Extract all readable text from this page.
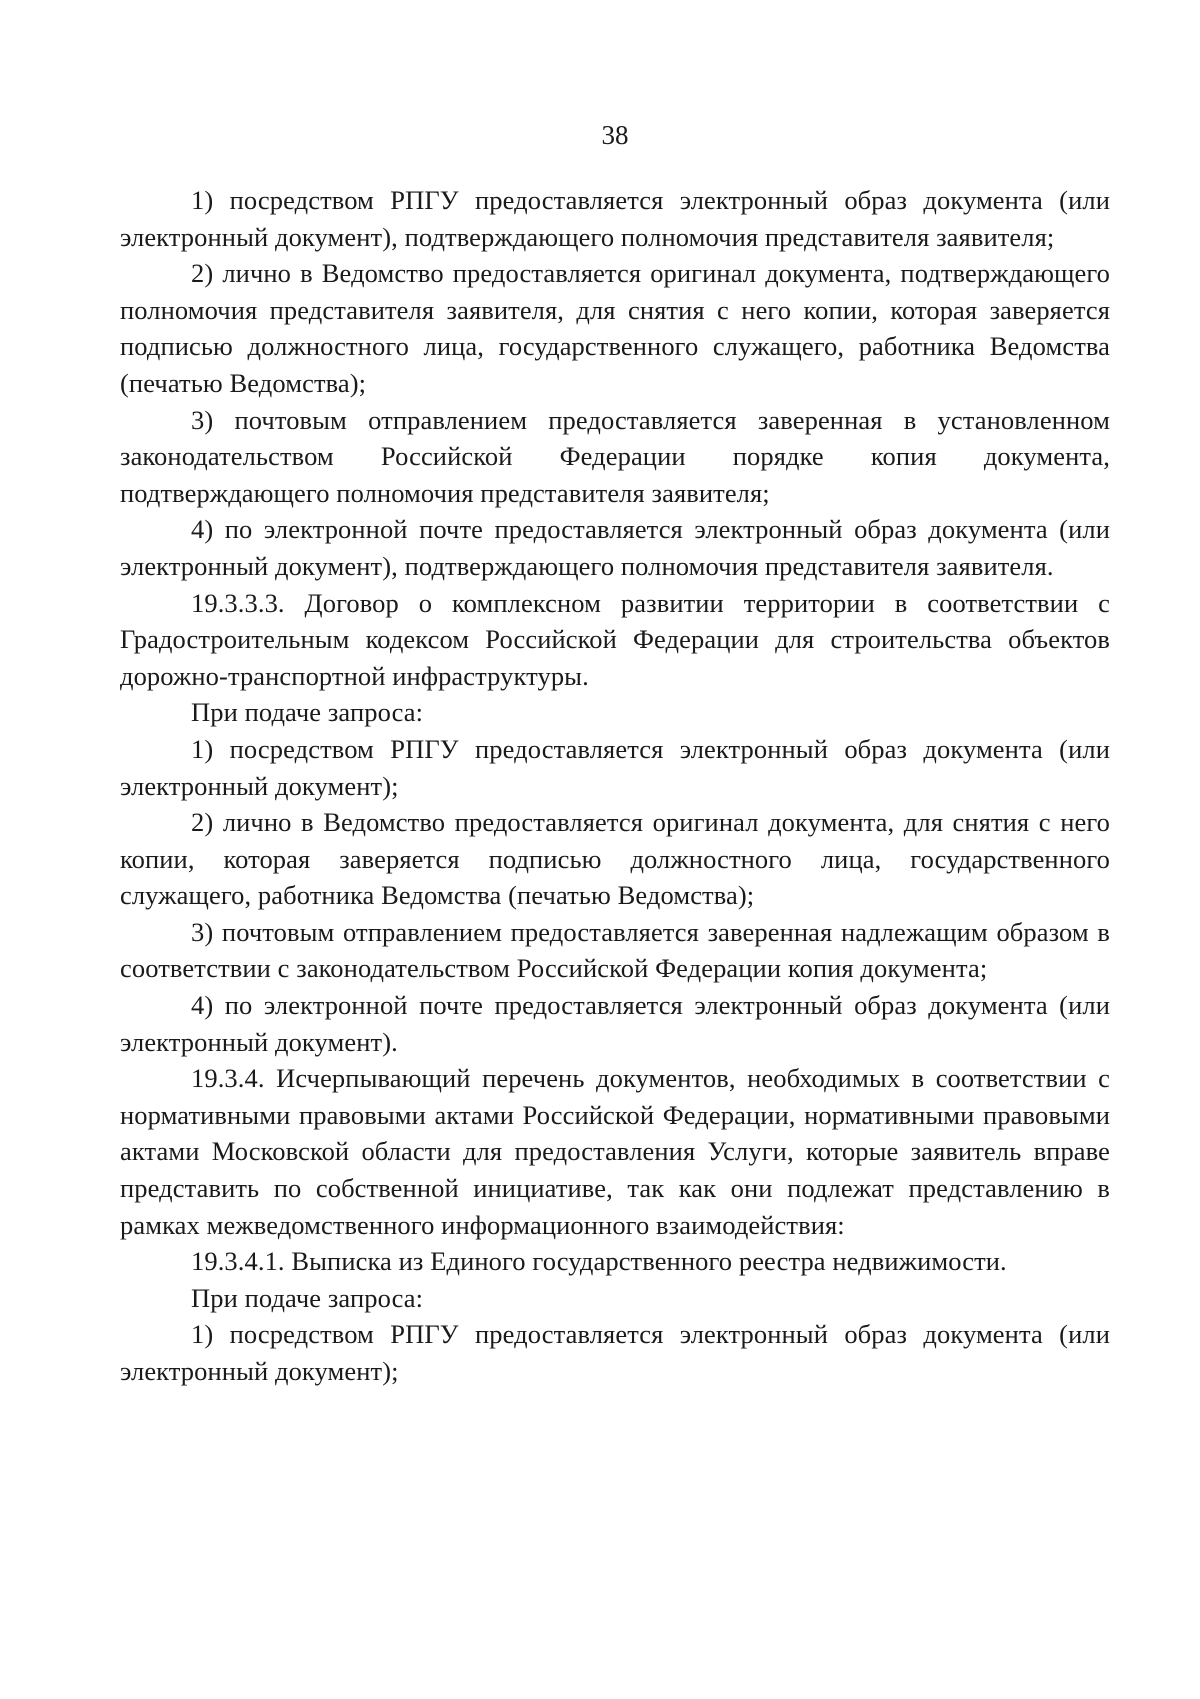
38

1) посредством РПГУ предоставляется электронный образ документа (или электронный документ), подтверждающего полномочия представителя заявителя;

2) лично в Ведомство предоставляется оригинал документа, подтверждающего полномочия представителя заявителя, для снятия с него копии, которая заверяется подписью должностного лица, государственного служащего, работника Ведомства (печатью Ведомства);

3) почтовым отправлением предоставляется заверенная в установленном законодательством Российской Федерации порядке копия документа, подтверждающего полномочия представителя заявителя;

4) по электронной почте предоставляется электронный образ документа (или электронный документ), подтверждающего полномочия представителя заявителя.

19.3.3.3. Договор о комплексном развитии территории в соответствии с Градостроительным кодексом Российской Федерации для строительства объектов дорожно-транспортной инфраструктуры.

При подаче запроса:

1) посредством РПГУ предоставляется электронный образ документа (или электронный документ);

2) лично в Ведомство предоставляется оригинал документа, для снятия с него копии, которая заверяется подписью должностного лица, государственного служащего, работника Ведомства (печатью Ведомства);

3) почтовым отправлением предоставляется заверенная надлежащим образом в соответствии с законодательством Российской Федерации копия документа;

4) по электронной почте предоставляется электронный образ документа (или электронный документ).

19.3.4. Исчерпывающий перечень документов, необходимых в соответствии с нормативными правовыми актами Российской Федерации, нормативными правовыми актами Московской области для предоставления Услуги, которые заявитель вправе представить по собственной инициативе, так как они подлежат представлению в рамках межведомственного информационного взаимодействия:

19.3.4.1. Выписка из Единого государственного реестра недвижимости.

При подаче запроса:

1) посредством РПГУ предоставляется электронный образ документа (или электронный документ);
